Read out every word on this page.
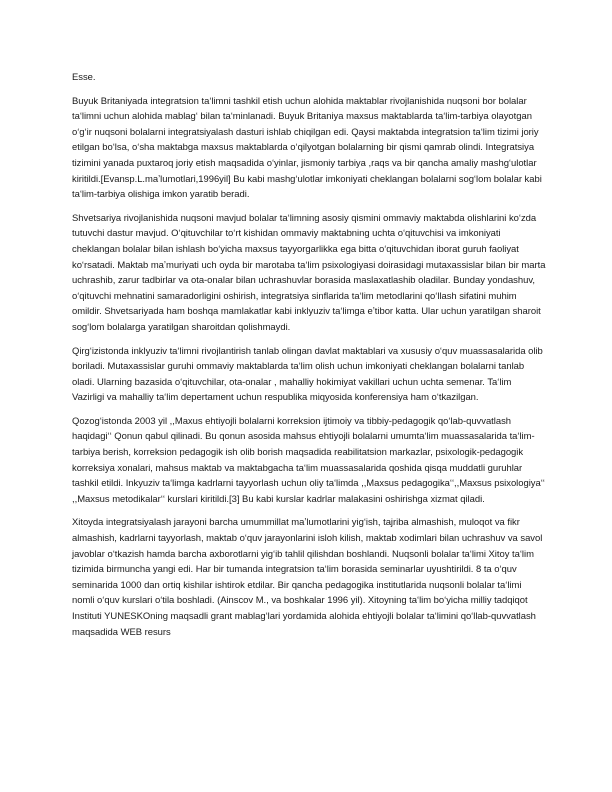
Esse.

Buyuk Britaniyada integratsion taʻlimni tashkil etish uchun alohida maktablar rivojlanishida nuqsoni bor bolalar taʻlimni uchun alohida mablagʻ bilan taʻminlanadi. Buyuk Britaniya maxsus maktablarda taʻlim-tarbiya olayotgan oʻgʻir nuqsoni bolalarni integratsiyalash dasturi ishlab chiqilgan edi. Qaysi maktabda integratsion taʻlim tizimi joriy etilgan boʻlsa, oʻsha maktabga maxsus maktablarda oʻqilyotgan bolalarning bir qismi qamrab olindi. Integratsiya tizimini yanada puxtaroq joriy etish maqsadida oʻyinlar, jismoniy tarbiya ,raqs va bir qancha amaliy mashgʻulotlar kiritildi.[Evansp.L.maʼlumotlari,1996yil] Bu kabi mashgʻulotlar imkoniyati cheklangan bolalarni sogʻlom bolalar kabi taʻlim-tarbiya olishiga imkon yaratib beradi.

Shvetsariya rivojlanishida nuqsoni mavjud bolalar taʻlimning asosiy qismini ommaviy maktabda olishlarini koʻzda tutuvchi dastur mavjud. Oʻqituvchilar toʻrt kishidan ommaviy maktabning uchta oʻqituvchisi va imkoniyati cheklangan bolalar bilan ishlash boʻyicha maxsus tayyorgarlikka ega bitta oʻqituvchidan iborat guruh faoliyat koʻrsatadi. Maktab maʼmuriyati uch oyda bir marotaba taʻlim psixologiyasi doirasidagi mutaxassislar bilan bir marta uchrashib, zarur tadbirlar va ota-onalar bilan uchrashuvlar borasida maslaxatlashib oladilar. Bunday yondashuv, oʻqituvchi mehnatini samaradorligini oshirish, integratsiya sinflarida taʻlim metodlarini qoʻllash sifatini muhim omildir. Shvetsariyada ham boshqa mamlakatlar kabi inklyuziv taʻlimga eʼtibor katta. Ular uchun yaratilgan sharoit sogʻlom bolalarga yaratilgan sharoitdan qolishmaydi.

Qirgʻizistonda inklyuziv taʻlimni rivojlantirish tanlab olingan davlat maktablari va xususiy oʻquv muassasalarida olib boriladi. Mutaxassislar guruhi ommaviy maktablarda taʻlim olish uchun imkoniyati cheklangan bolalarni tanlab oladi. Ularning bazasida oʻqituvchilar, ota-onalar , mahalliy hokimiyat vakillari uchun uchta semenar. Taʻlim Vazirligi va mahalliy taʻlim depertament uchun respublika miqyosida konferensiya ham oʻtkazilgan.

Qozogʻistonda 2003 yil ,,Maxus ehtiyojli bolalarni korreksion ijtimoiy va tibbiy-pedagogik qoʻlab-quvvatlash haqidagiʻʻ Qonun qabul qilinadi. Bu qonun asosida mahsus ehtiyojli bolalarni umumtaʻlim muassasalarida taʻlim-tarbiya berish, korreksion pedagogik ish olib borish maqsadida reabilitatsion markazlar, psixologik-pedagogik korreksiya xonalari, mahsus maktab va maktabgacha taʻlim muassasalarida qoshida qisqa muddatli guruhlar tashkil etildi. Inkyuziv taʻlimga kadrlarni tayyorlash uchun oliy taʻlimda ,,Maxsus pedagogikaʻʻ,,Maxsus psixologiyaʻʻ ,,Maxsus metodikalarʻʻ kurslari kiritildi.[3] Bu kabi kurslar kadrlar malakasini oshirishga xizmat qiladi.

Xitoyda integratsiyalash jarayoni barcha umummillat maʼlumotlarini yigʻish, tajriba almashish, muloqot va fikr almashish, kadrlarni tayyorlash, maktab oʻquv jarayonlarini isloh kilish, maktab xodimlari bilan uchrashuv va savol javoblar oʻtkazish hamda barcha axborotlarni yigʻib tahlil qilishdan boshlandi. Nuqsonli bolalar taʻlimi Xitoy taʻlim tizimida birmuncha yangi edi. Har bir tumanda integratsion taʻlim borasida seminarlar uyushtirildi. 8 ta oʻquv seminarida 1000 dan ortiq kishilar ishtirok etdilar. Bir qancha pedagogika institutlarida nuqsonli bolalar taʻlimi nomli oʻquv kurslari oʻtila boshladi. (Ainscov M., va boshkalar 1996 yil). Xitoyning taʻlim boʻyicha milliy tadqiqot Instituti YUNESKOning maqsadli grant mablagʻlari yordamida alohida ehtiyojli bolalar taʻlimini qoʻllab-quvvatlash maqsadida WEB resurs
